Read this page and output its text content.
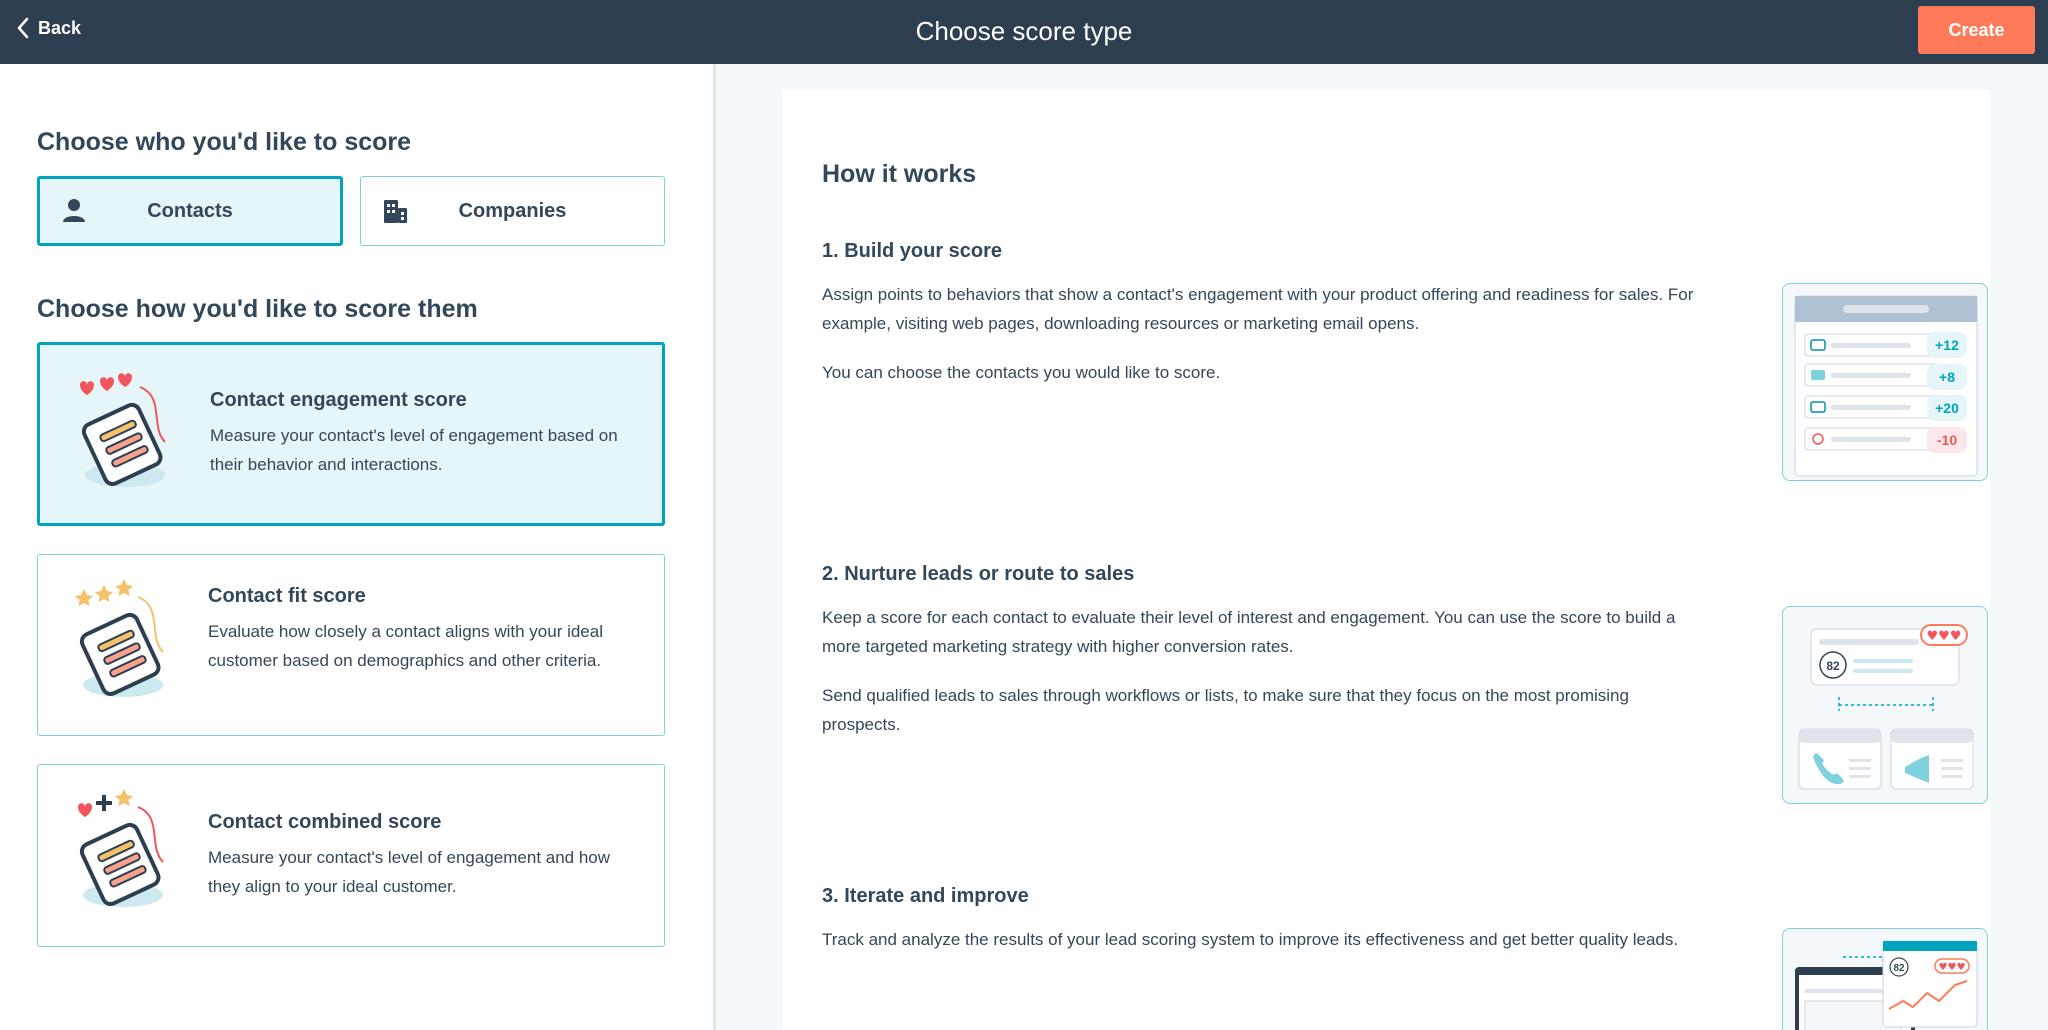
Back	Choose score type	Create
Choose who you'd like to score
Contacts	Companies
Choose how you'd like to score them
Contact engagement score
Measure your contact's level of engagement based on their behavior and interactions.
Contact fit score
Evaluate how closely a contact aligns with your ideal customer based on demographics and other criteria.
Contact combined score
Measure your contact's level of engagement and how they align to your ideal customer.
How it works
1. Build your score
Assign points to behaviors that show a contact's engagement with your product offering and readiness for sales. For example, visiting web pages, downloading resources or marketing email opens.
You can choose the contacts you would like to score.
+12
+8
+20
-10
2. Nurture leads or route to sales
Keep a score for each contact to evaluate their level of interest and engagement. You can use the score to build a more targeted marketing strategy with higher conversion rates.
Send qualified leads to sales through workflows or lists, to make sure that they focus on the most promising prospects.
82
♥♥♥
3. Iterate and improve
Track and analyze the results of your lead scoring system to improve its effectiveness and get better quality leads.
82	♥♥♥
